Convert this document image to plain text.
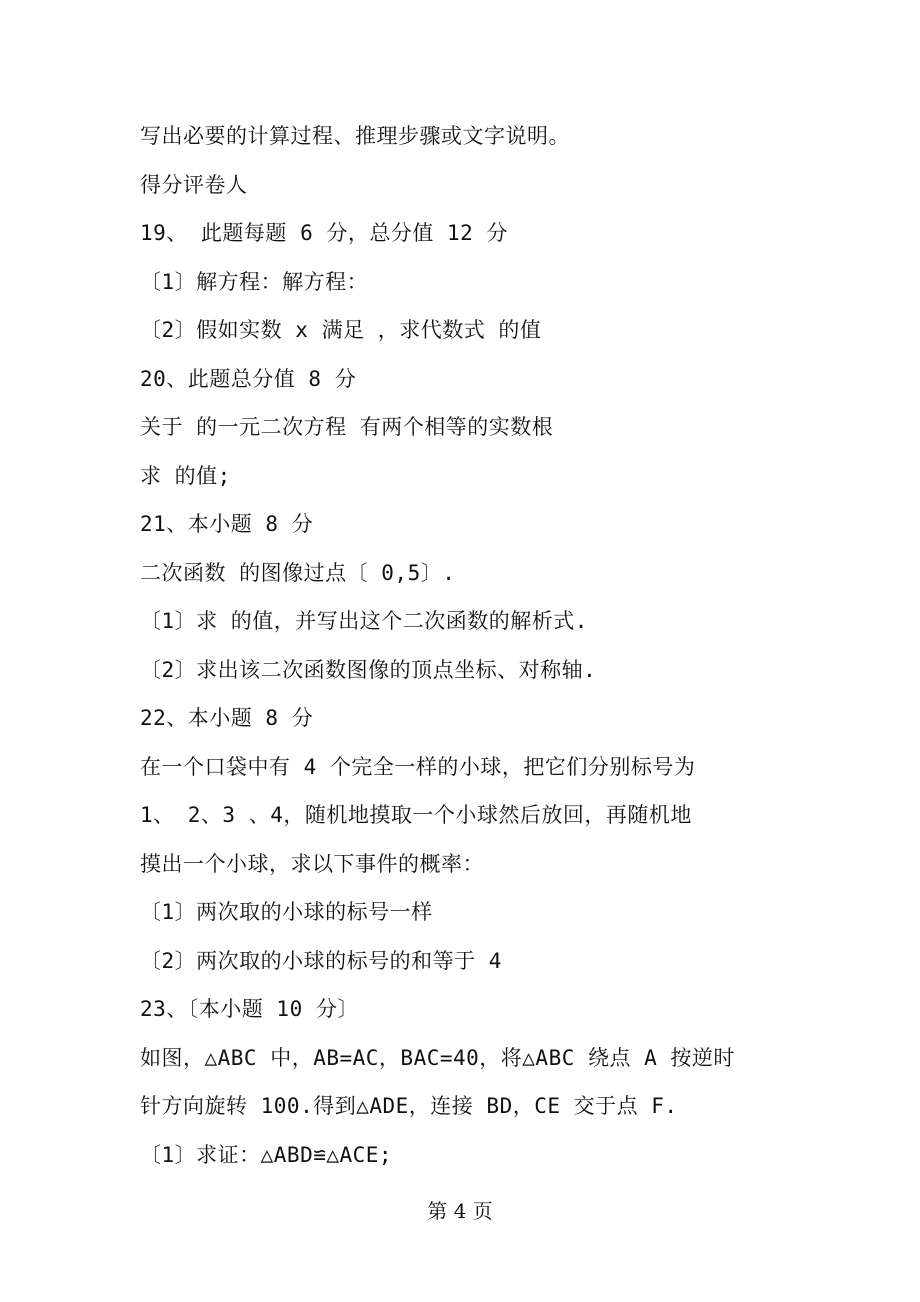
写出必要的计算过程、推理步骤或文字说明。
得分评卷人
19、 此题每题 6 分，总分值 12 分
〔1〕解方程：解方程：
〔2〕假如实数 x 满足 ，求代数式 的值
20、此题总分值 8 分
关于 的一元二次方程 有两个相等的实数根
求 的值;
21、本小题 8 分
二次函数 的图像过点〔 0,5〕.
〔1〕求 的值，并写出这个二次函数的解析式.
〔2〕求出该二次函数图像的顶点坐标、对称轴.
22、本小题 8 分
在一个口袋中有 4 个完全一样的小球，把它们分别标号为
1、 2、3 、4，随机地摸取一个小球然后放回，再随机地
摸出一个小球，求以下事件的概率：
〔1〕两次取的小球的标号一样
〔2〕两次取的小球的标号的和等于 4
23、〔本小题 10 分〕
如图，△ABC 中，AB=AC，BAC=40，将△ABC 绕点 A 按逆时
针方向旋转 100.得到△ADE，连接 BD，CE 交于点 F.
〔1〕求证：△ABD≌△ACE;
第 4 页
